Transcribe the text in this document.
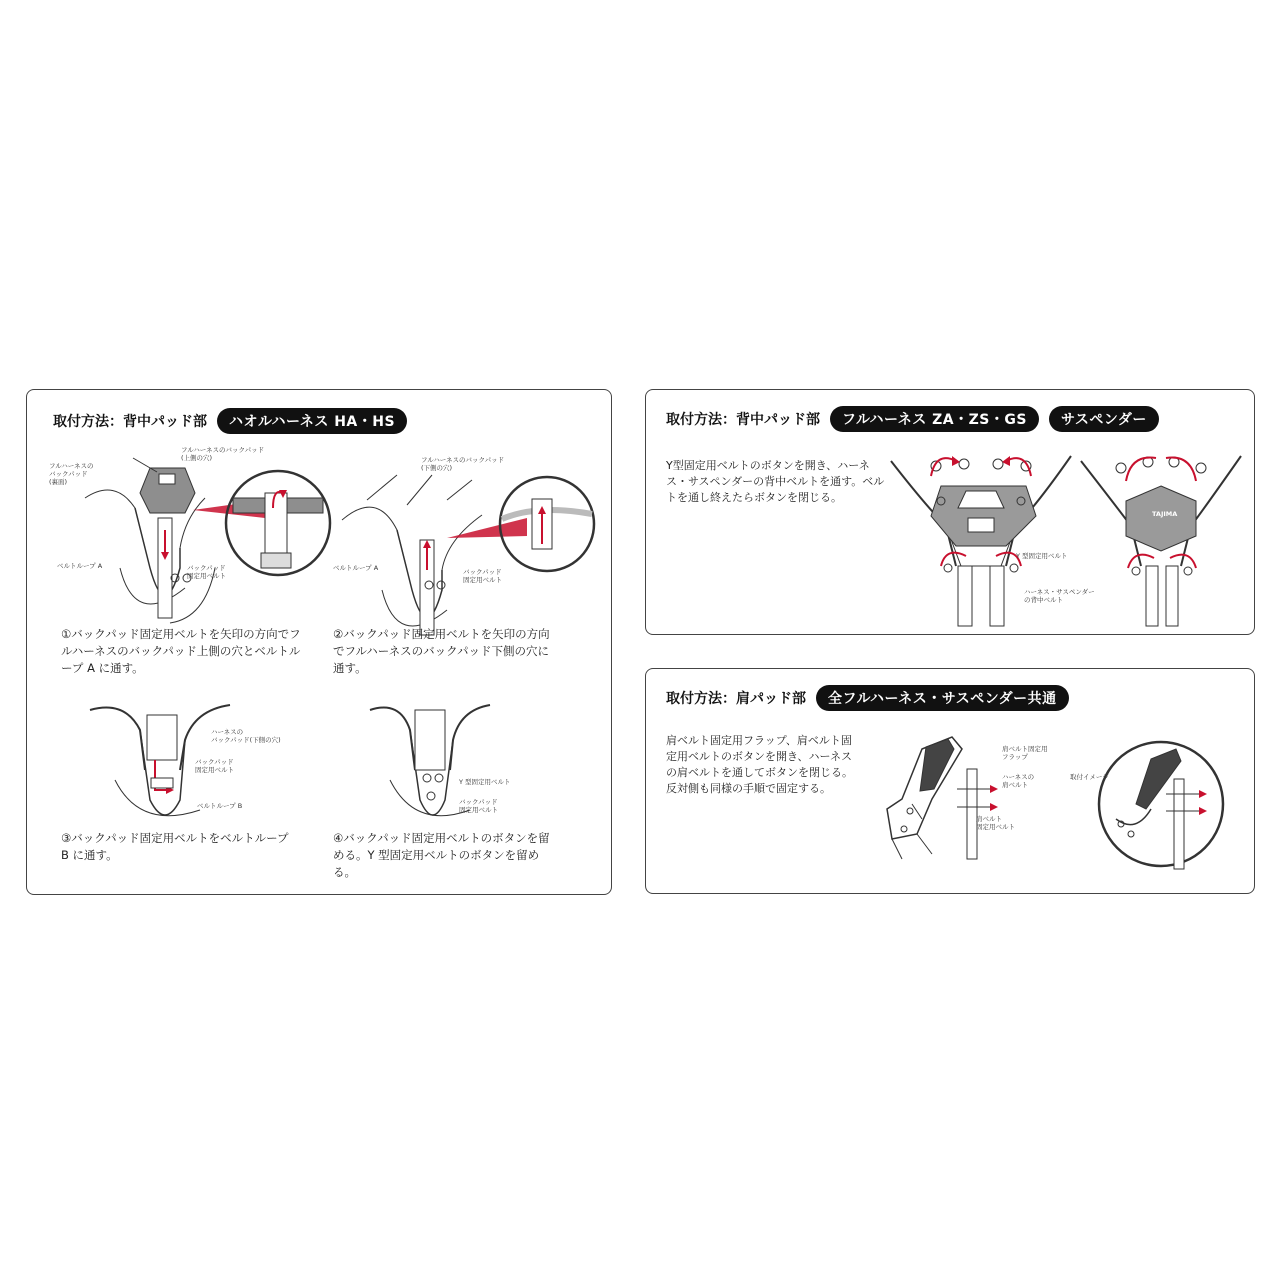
取付方法：背中パッド部	ハオルハーネス HA・HS
フルハーネスの
バックパッド
(裏面)
フルハーネスのバックパッド
(上側の穴)
ベルトループ A	バックパッド
固定用ベルト
①バックパッド固定用ベルトを矢印の方向でフルハーネスのバックパッド上側の穴とベルトループ A に通す。
フルハーネスのバックパッド
(下側の穴)
ベルトループ A	バックパッド
固定用ベルト
②バックパッド固定用ベルトを矢印の方向でフルハーネスのバックパッド下側の穴に通す。
ハーネスの
バックパッド(下側の穴)
バックパッド
固定用ベルト
ベルトループ B
③バックパッド固定用ベルトをベルトループ B に通す。
Y 型固定用ベルト
バックパッド
固定用ベルト
④バックパッド固定用ベルトのボタンを留める。Y 型固定用ベルトのボタンを留める。
取付方法：背中パッド部	フルハーネス ZA・ZS・GS	サスペンダー
Y型固定用ベルトのボタンを開き、ハーネス・サスペンダーの背中ベルトを通す。ベルトを通し終えたらボタンを閉じる。
TAJIMA
Y 型固定用ベルト
ハーネス・サスペンダー
の背中ベルト
取付方法：肩パッド部	全フルハーネス・サスペンダー共通
肩ベルト固定用フラップ、肩ベルト固定用ベルトのボタンを開き、ハーネスの肩ベルトを通してボタンを閉じる。反対側も同様の手順で固定する。
肩ベルト固定用
フラップ
ハーネスの
肩ベルト
肩ベルト
固定用ベルト
取付イメージ
